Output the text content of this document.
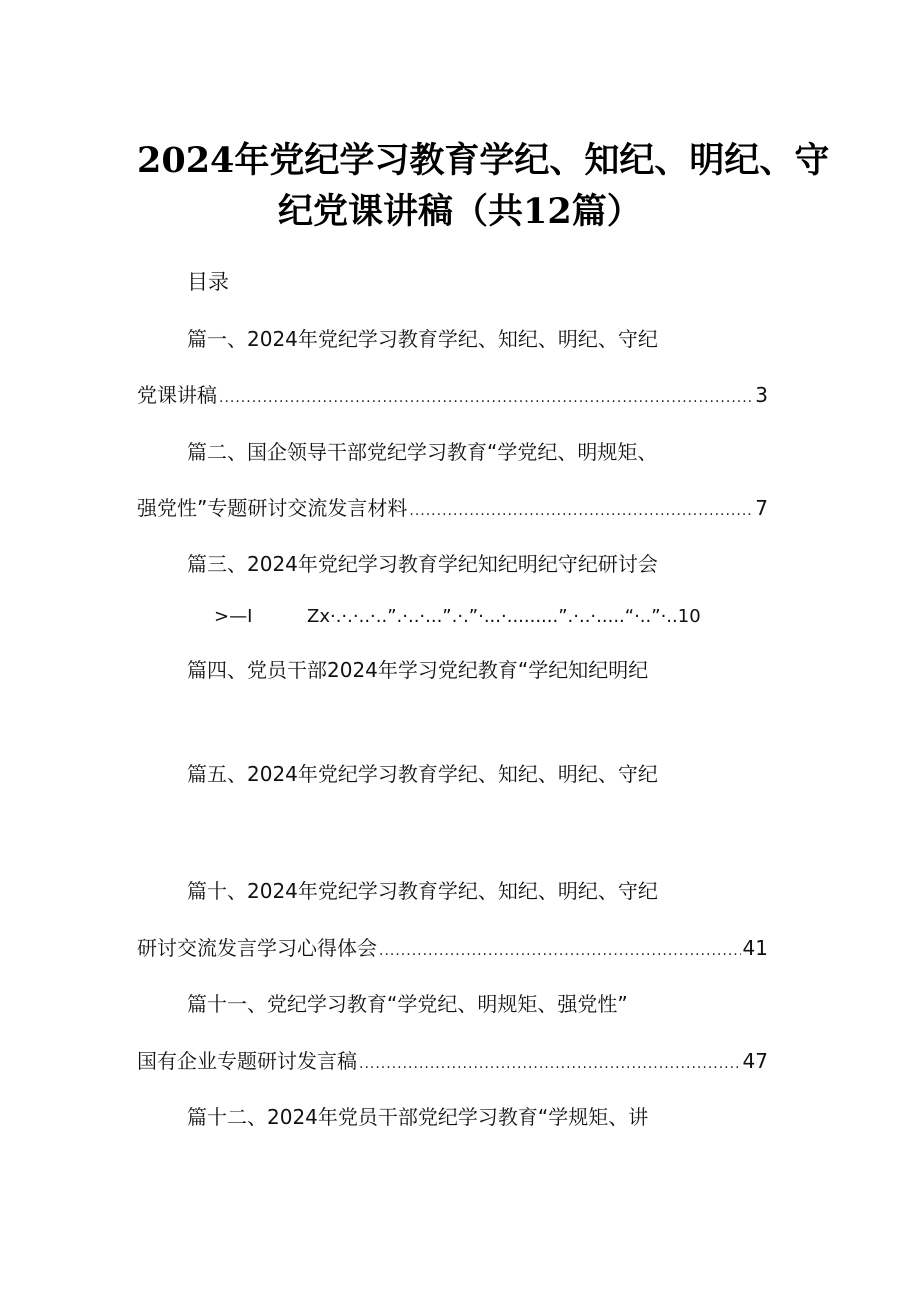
2024年党纪学习教育学纪、知纪、明纪、守
纪党课讲稿（共12篇）
目录
篇一、2024年党纪学习教育学纪、知纪、明纪、守纪
党课讲稿 .....	3
篇二、国企领导干部党纪学习教育“学党纪、明规矩、
强党性”专题研讨交流发言材料 .....	7
篇三、2024年党纪学习教育学纪知纪明纪守纪研讨会
>—I	Zx·.·.·..·..”.·..·...”.·.”·...·.........”.·..·.....“·..”·..10
篇四、党员干部2024年学习党纪教育“学纪知纪明纪
篇五、2024年党纪学习教育学纪、知纪、明纪、守纪
篇十、2024年党纪学习教育学纪、知纪、明纪、守纪
研讨交流发言学习心得体会 .....	41
篇十一、党纪学习教育“学党纪、明规矩、强党性”
国有企业专题研讨发言稿 .....	47
篇十二、2024年党员干部党纪学习教育“学规矩、讲
